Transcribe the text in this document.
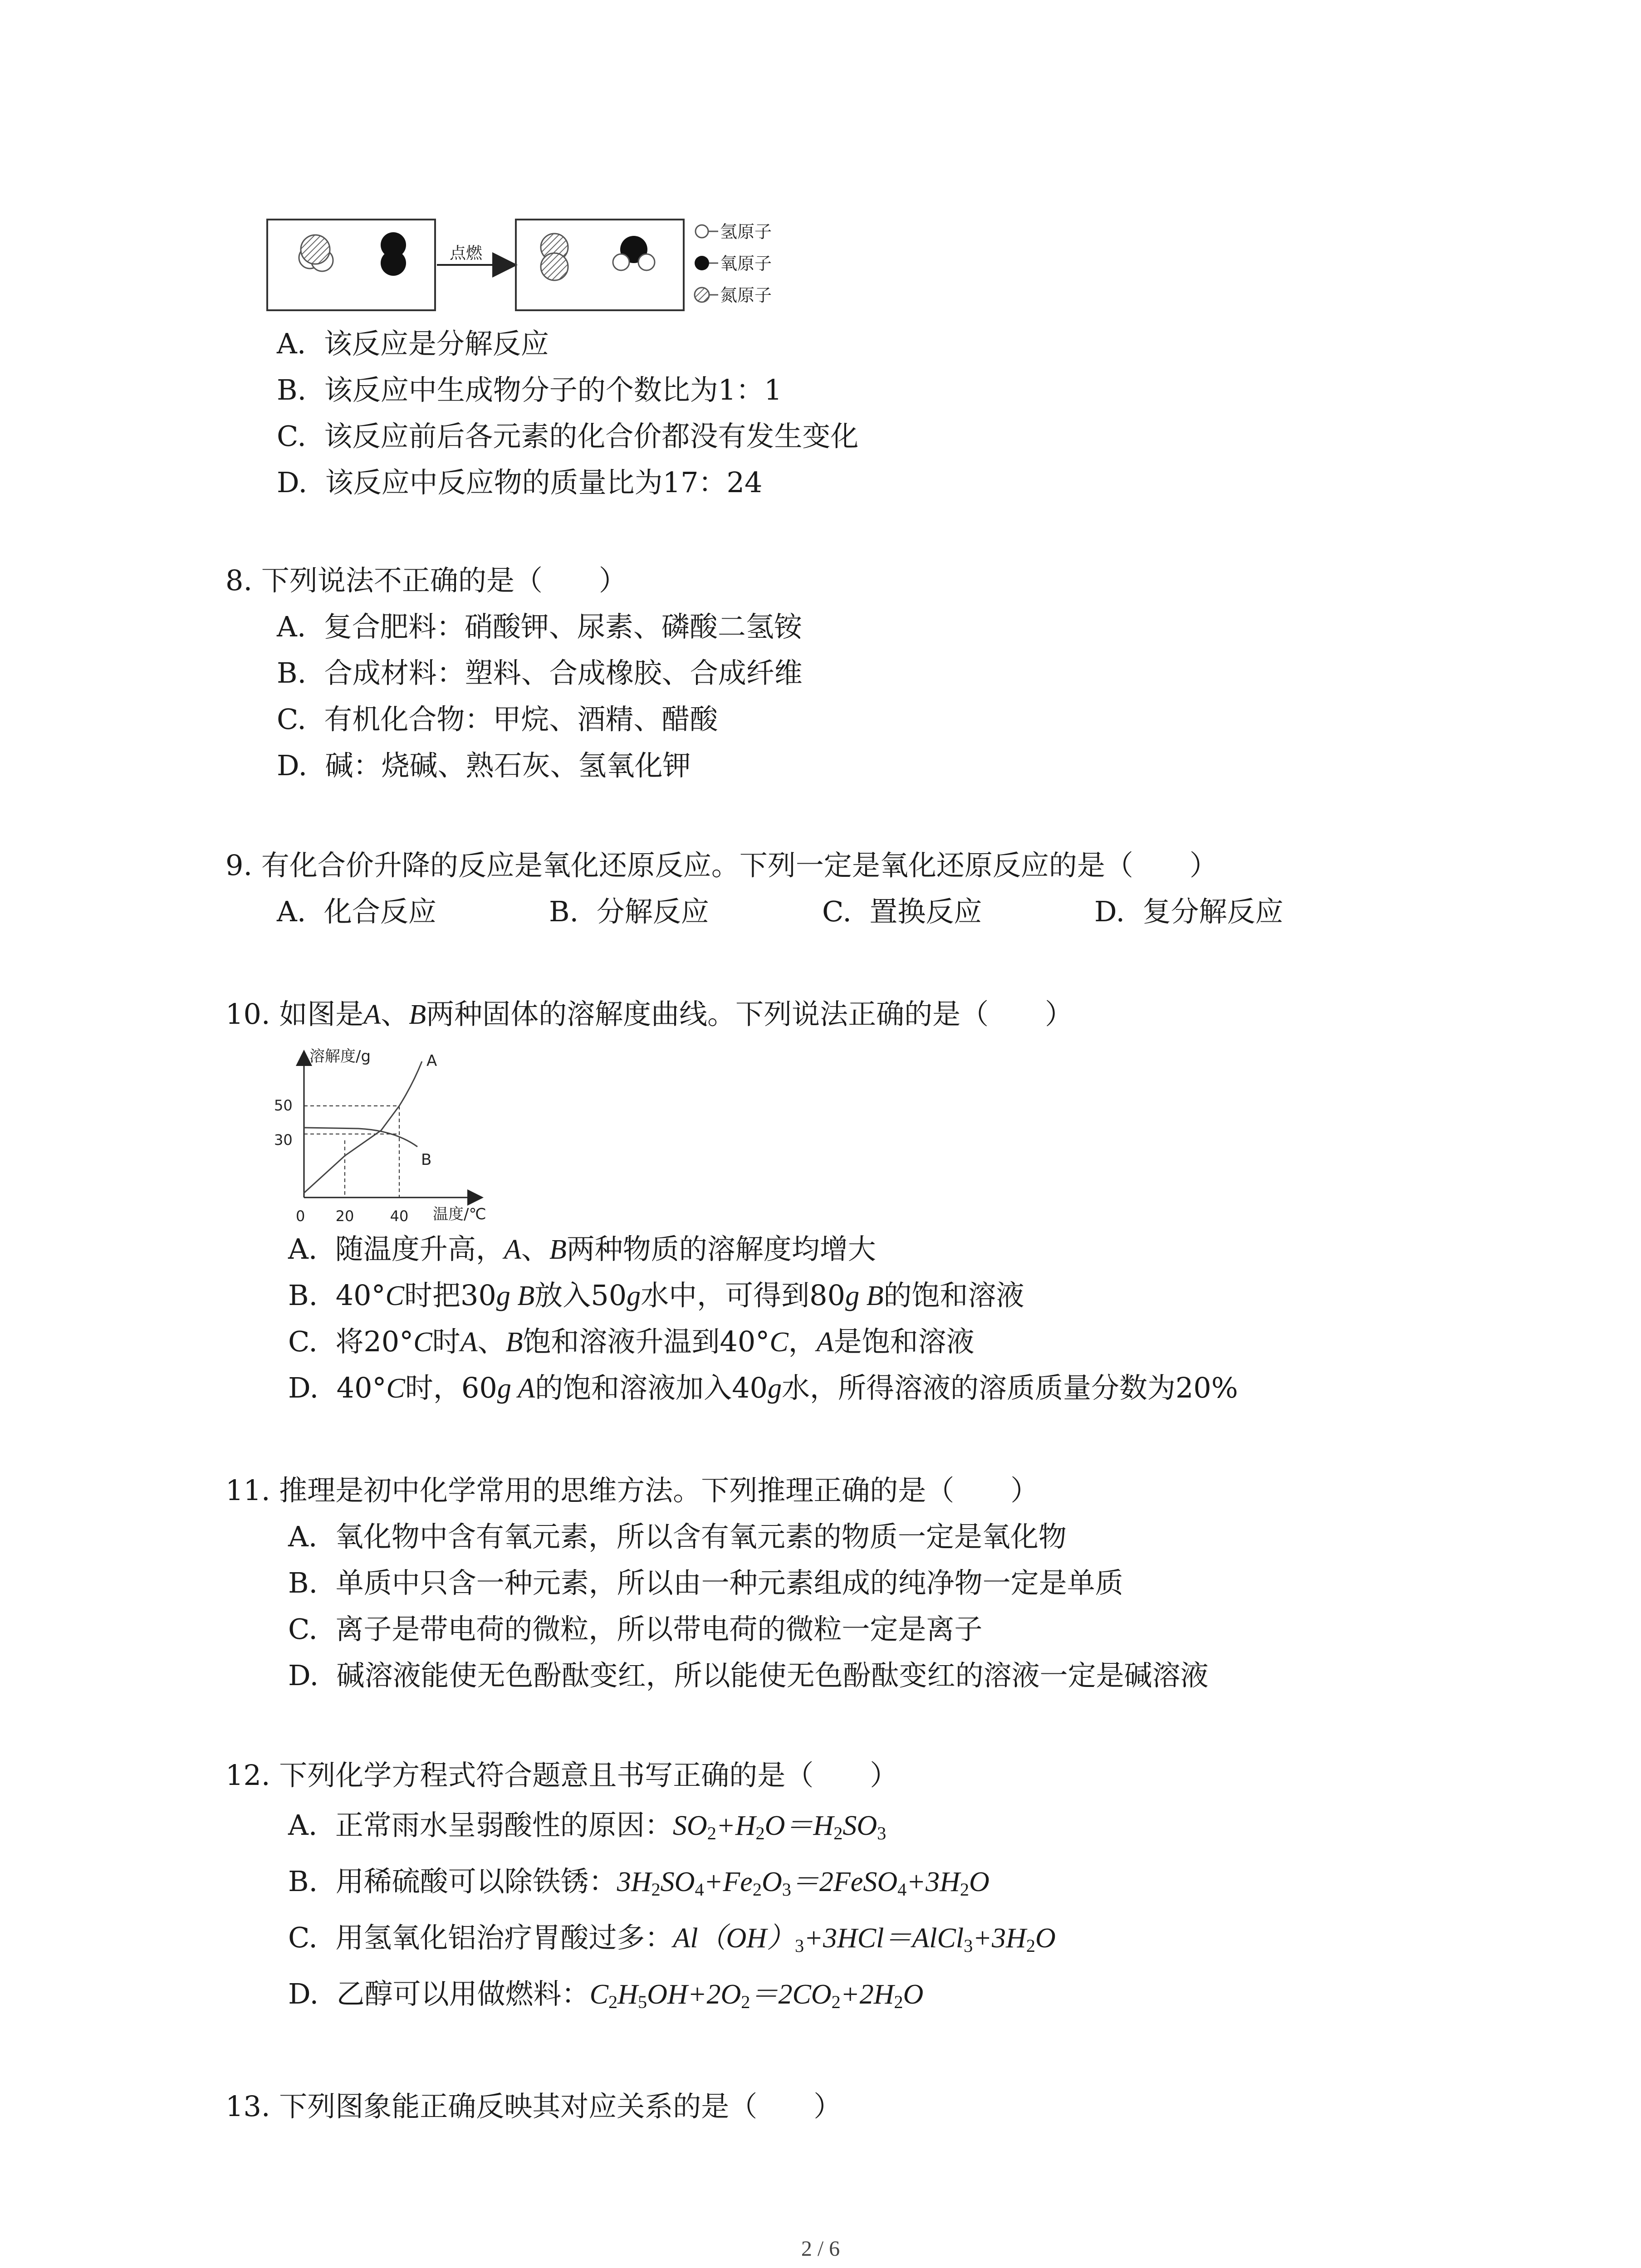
点燃
氢原子
氧原子
氮原子
A. 该反应是分解反应
B. 该反应中生成物分子的个数比为1：1
C. 该反应前后各元素的化合价都没有发生变化
D. 该反应中反应物的质量比为17：24
8. 下列说法不正确的是（　　）
A. 复合肥料：硝酸钾、尿素、磷酸二氢铵
B. 合成材料：塑料、合成橡胶、合成纤维
C. 有机化合物：甲烷、酒精、醋酸
D. 碱：烧碱、熟石灰、氢氧化钾
9. 有化合价升降的反应是氧化还原反应。下列一定是氧化还原反应的是（　　）
A. 化合反应	B. 分解反应	C. 置换反应	D. 复分解反应
10. 如图是A、B两种固体的溶解度曲线。下列说法正确的是（　　）
溶解度/g
温度/℃
0 20 40
50
30
A
B
A. 随温度升高，A、B两种物质的溶解度均增大
B. 40°C时把30g B放入50g水中，可得到80g B的饱和溶液
C. 将20°C时A、B饱和溶液升温到40°C，A是饱和溶液
D. 40°C时，60g A的饱和溶液加入40g水，所得溶液的溶质质量分数为20%
11. 推理是初中化学常用的思维方法。下列推理正确的是（　　）
A. 氧化物中含有氧元素，所以含有氧元素的物质一定是氧化物
B. 单质中只含一种元素，所以由一种元素组成的纯净物一定是单质
C. 离子是带电荷的微粒，所以带电荷的微粒一定是离子
D. 碱溶液能使无色酚酞变红，所以能使无色酚酞变红的溶液一定是碱溶液
12. 下列化学方程式符合题意且书写正确的是（　　）
A. 正常雨水呈弱酸性的原因：$SO_2+H_2O=H_2SO_3$
B. 用稀硫酸可以除铁锈：$3H_2SO_4+Fe_2O_3=2FeSO_4+3H_2O$
C. 用氢氧化铝治疗胃酸过多：$Al(OH)_3+3HCl=AlCl_3+3H_2O$
D. 乙醇可以用做燃料：$C_2H_5OH+2O_2=2CO_2+2H_2O$
13. 下列图象能正确反映其对应关系的是（　　）
2 / 6
